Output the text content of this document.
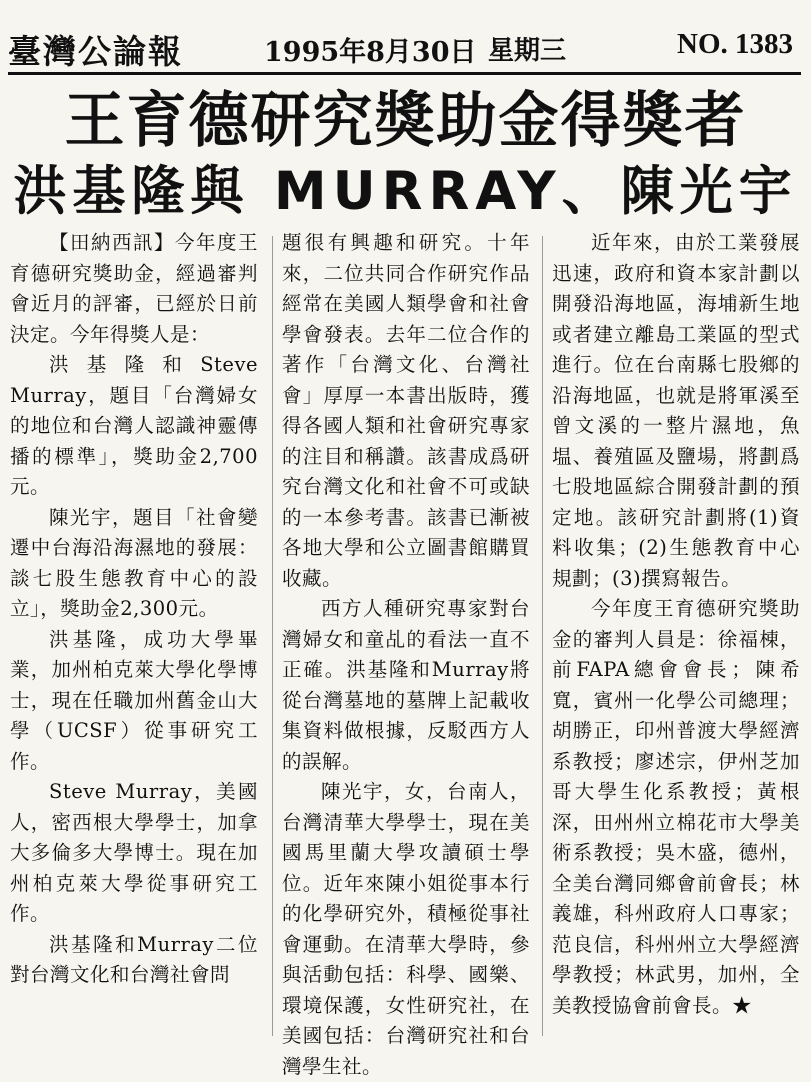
臺灣公論報	1995年8月30日 星期三	NO. 1383
王育德研究獎助金得獎者
洪基隆與 MURRAY、陳光宇

【田納西訊】今年度王育德研究獎助金，經過審判會近月的評審，已經於日前決定。今年得獎人是：

洪基隆和Steve Murray，題目「台灣婦女的地位和台灣人認識神靈傳播的標準」，獎助金2,700元。

陳光宇，題目「社會變遷中台海沿海濕地的發展：談七股生態教育中心的設立」，獎助金2,300元。

洪基隆，成功大學畢業，加州柏克萊大學化學博士，現在任職加州舊金山大學（UCSF）從事研究工作。

Steve Murray，美國人，密西根大學學士，加拿大多倫多大學博士。現在加州柏克萊大學從事研究工作。

洪基隆和Murray二位對台灣文化和台灣社會問

題很有興趣和研究。十年來，二位共同合作研究作品經常在美國人類學會和社會學會發表。去年二位合作的著作「台灣文化、台灣社會」厚厚一本書出版時，獲得各國人類和社會研究專家的注目和稱讚。該書成爲研究台灣文化和社會不可或缺的一本參考書。該書已漸被各地大學和公立圖書館購買收藏。

西方人種研究專家對台灣婦女和童乩的看法一直不正確。洪基隆和Murray將從台灣墓地的墓牌上記載收集資料做根據，反駁西方人的誤解。

陳光宇，女，台南人，台灣清華大學學士，現在美國馬里蘭大學攻讀碩士學位。近年來陳小姐從事本行的化學研究外，積極從事社會運動。在清華大學時，參與活動包括：科學、國樂、環境保護，女性研究社，在美國包括：台灣研究社和台灣學生社。

近年來，由於工業發展迅速，政府和資本家計劃以開發沿海地區，海埔新生地或者建立離島工業區的型式進行。位在台南縣七股鄉的沿海地區，也就是將軍溪至曾文溪的一整片濕地，魚塭、養殖區及鹽場，將劃爲七股地區綜合開發計劃的預定地。該研究計劃將(1)資料收集；(2)生態教育中心規劃；(3)撰寫報告。

今年度王育德研究獎助金的審判人員是：徐福棟，前FAPA總會會長；陳希寬，賓州一化學公司總理；胡勝正，印州普渡大學經濟系教授；廖述宗，伊州芝加哥大學生化系教授；黃根深，田州州立棉花市大學美術系教授；吳木盛，德州，全美台灣同鄉會前會長；林義雄，科州政府人口專家；范良信，科州州立大學經濟學教授；林武男，加州，全美教授協會前會長。★
